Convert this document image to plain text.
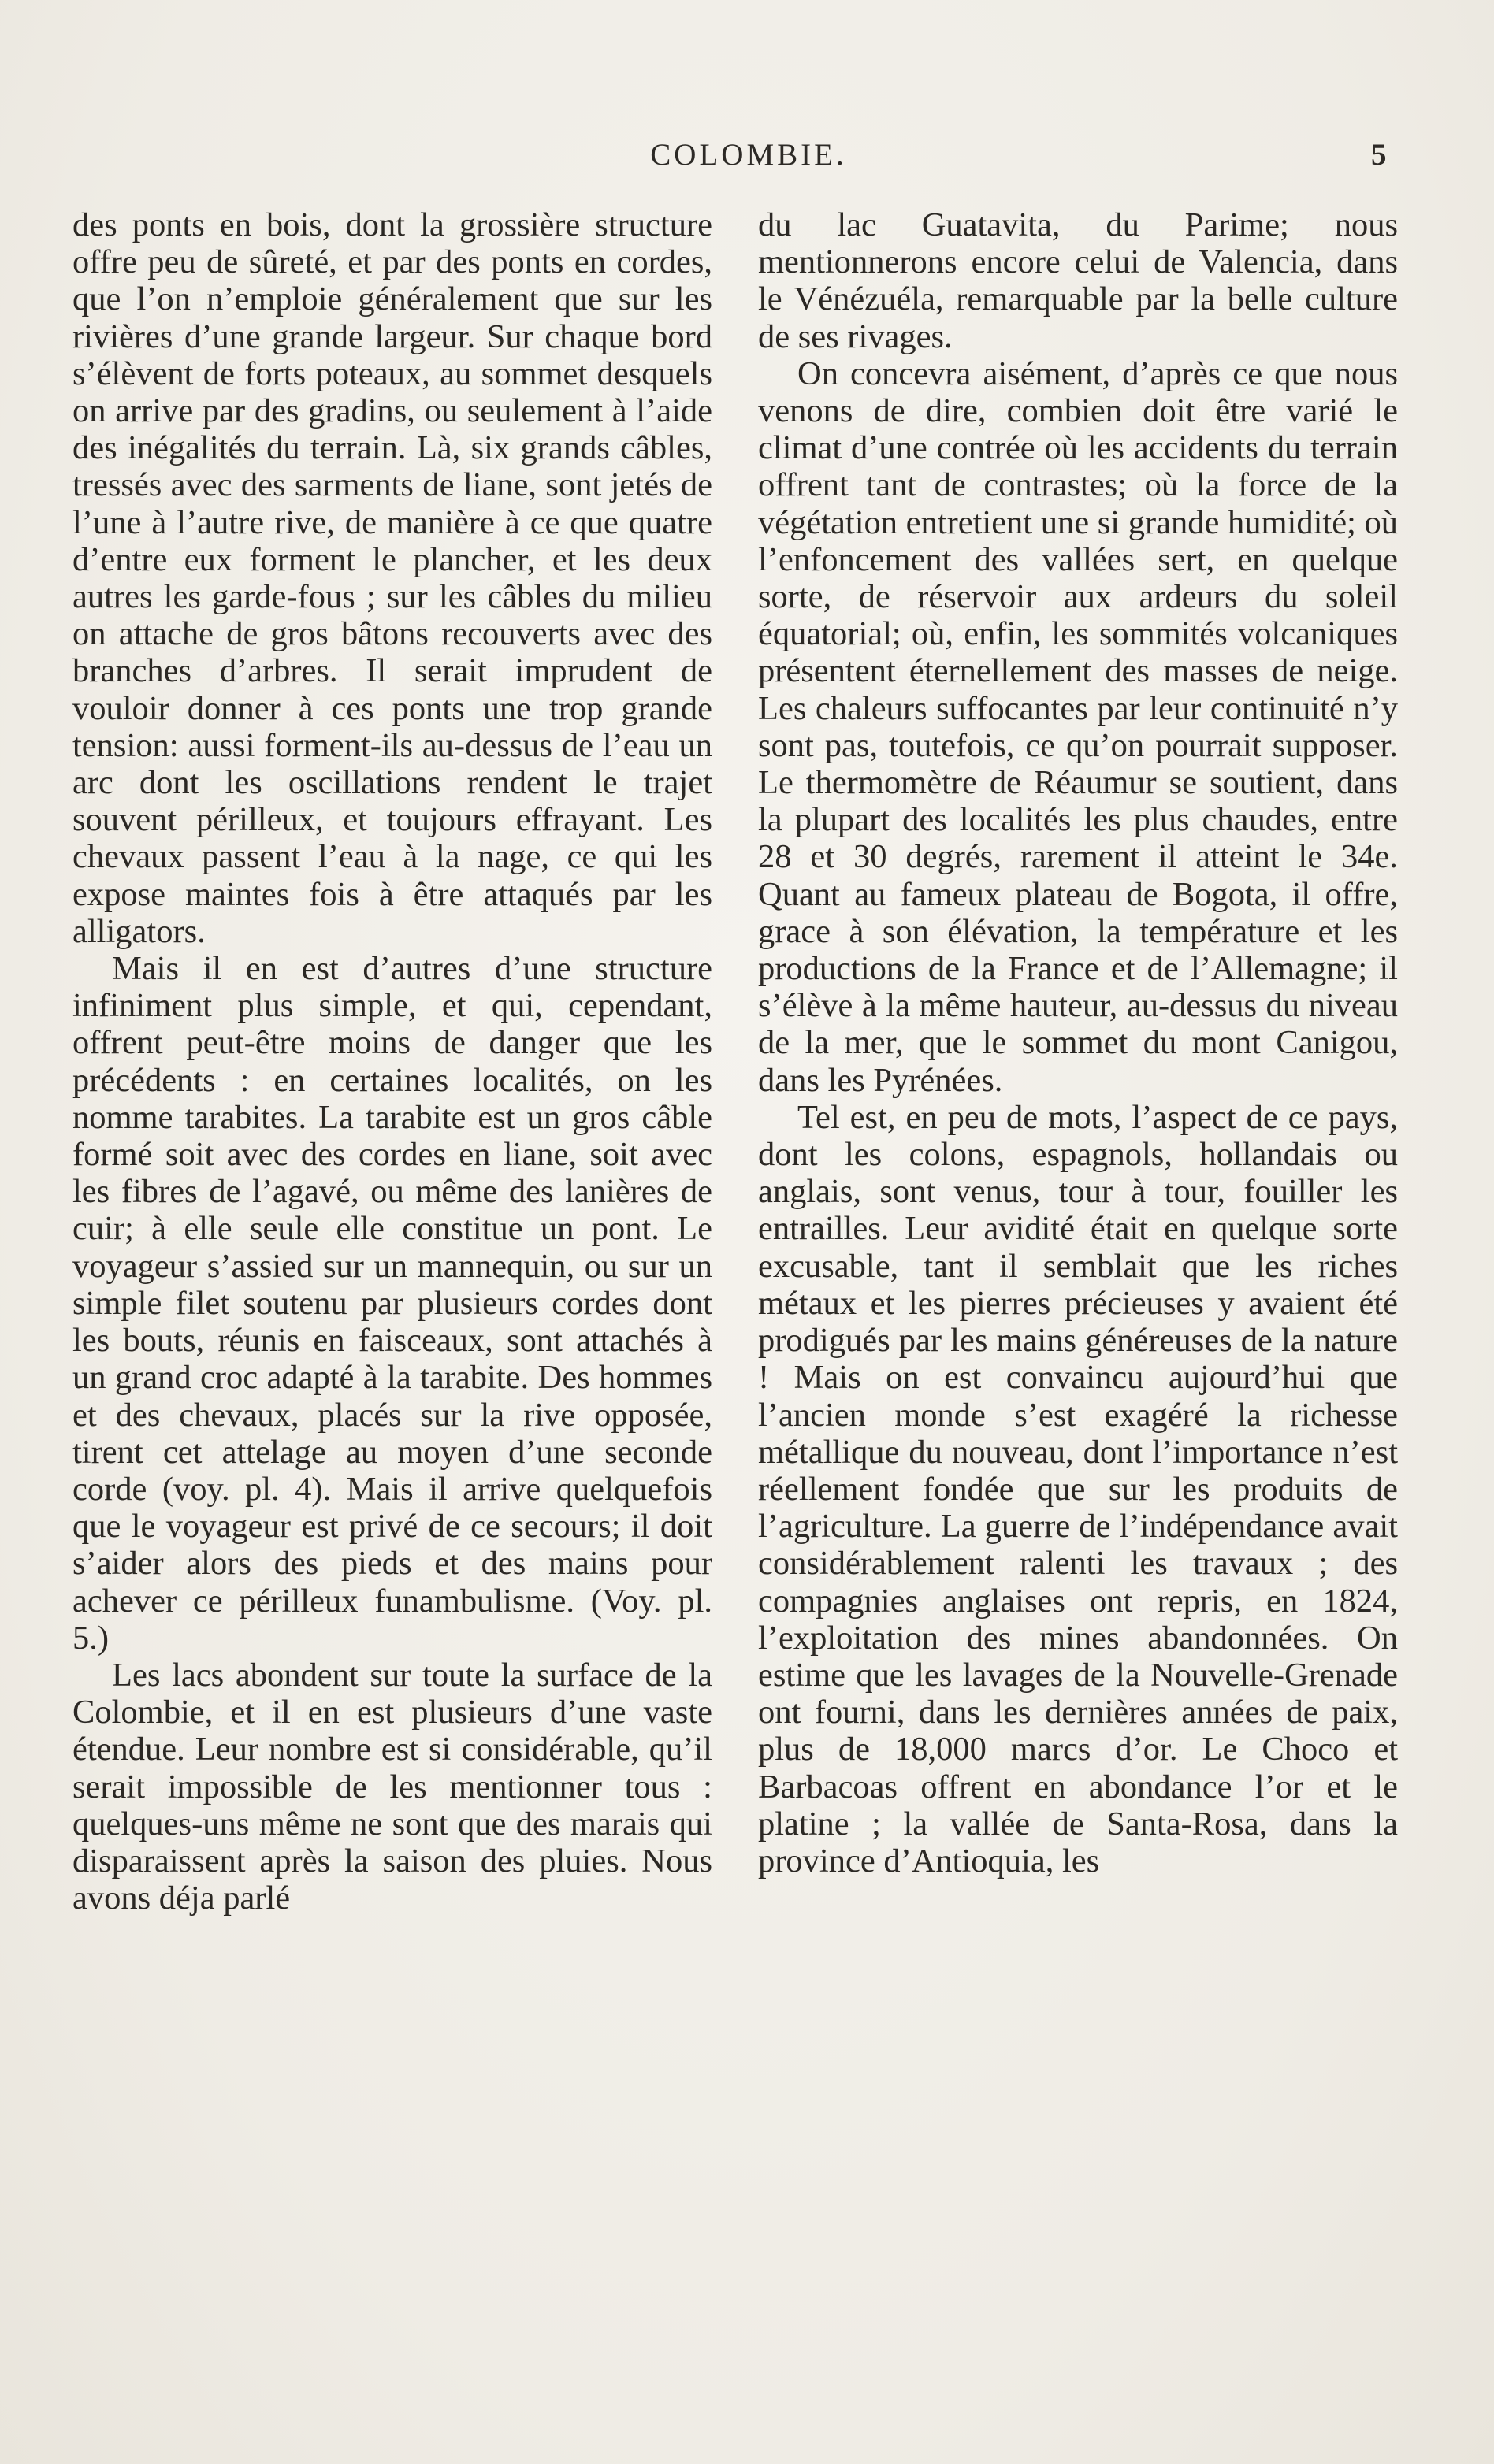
COLOMBIE.	5

des ponts en bois, dont la grossière structure offre peu de sûreté, et par des ponts en cordes, que l’on n’emploie généralement que sur les rivières d’une grande largeur. Sur chaque bord s’élèvent de forts poteaux, au sommet desquels on arrive par des gradins, ou seulement à l’aide des inégalités du terrain. Là, six grands câbles, tressés avec des sarments de liane, sont jetés de l’une à l’autre rive, de manière à ce que quatre d’entre eux forment le plancher, et les deux autres les garde-fous ; sur les câbles du milieu on attache de gros bâtons recouverts avec des branches d’arbres. Il serait imprudent de vouloir donner à ces ponts une trop grande tension: aussi forment-ils au-dessus de l’eau un arc dont les oscillations rendent le trajet souvent périlleux, et toujours effrayant. Les chevaux passent l’eau à la nage, ce qui les expose maintes fois à être attaqués par les alligators.

Mais il en est d’autres d’une structure infiniment plus simple, et qui, cependant, offrent peut-être moins de danger que les précédents : en certaines localités, on les nomme tarabites. La tarabite est un gros câble formé soit avec des cordes en liane, soit avec les fibres de l’agavé, ou même des lanières de cuir; à elle seule elle constitue un pont. Le voyageur s’assied sur un mannequin, ou sur un simple filet soutenu par plusieurs cordes dont les bouts, réunis en faisceaux, sont attachés à un grand croc adapté à la tarabite. Des hommes et des chevaux, placés sur la rive opposée, tirent cet attelage au moyen d’une seconde corde (voy. pl. 4). Mais il arrive quelquefois que le voyageur est privé de ce secours; il doit s’aider alors des pieds et des mains pour achever ce périlleux funambulisme. (Voy. pl. 5.)

Les lacs abondent sur toute la surface de la Colombie, et il en est plusieurs d’une vaste étendue. Leur nombre est si considérable, qu’il serait impossible de les mentionner tous : quelques-uns même ne sont que des marais qui disparaissent après la saison des pluies. Nous avons déja parlé

du lac Guatavita, du Parime; nous mentionnerons encore celui de Valencia, dans le Vénézuéla, remarquable par la belle culture de ses rivages.

On concevra aisément, d’après ce que nous venons de dire, combien doit être varié le climat d’une contrée où les accidents du terrain offrent tant de contrastes; où la force de la végétation entretient une si grande humidité; où l’enfoncement des vallées sert, en quelque sorte, de réservoir aux ardeurs du soleil équatorial; où, enfin, les sommités volcaniques présentent éternellement des masses de neige. Les chaleurs suffocantes par leur continuité n’y sont pas, toutefois, ce qu’on pourrait supposer. Le thermomètre de Réaumur se soutient, dans la plupart des localités les plus chaudes, entre 28 et 30 degrés, rarement il atteint le 34e. Quant au fameux plateau de Bogota, il offre, grace à son élévation, la température et les productions de la France et de l’Allemagne; il s’élève à la même hauteur, au-dessus du niveau de la mer, que le sommet du mont Canigou, dans les Pyrénées.

Tel est, en peu de mots, l’aspect de ce pays, dont les colons, espagnols, hollandais ou anglais, sont venus, tour à tour, fouiller les entrailles. Leur avidité était en quelque sorte excusable, tant il semblait que les riches métaux et les pierres précieuses y avaient été prodigués par les mains généreuses de la nature ! Mais on est convaincu aujourd’hui que l’ancien monde s’est exagéré la richesse métallique du nouveau, dont l’importance n’est réellement fondée que sur les produits de l’agriculture. La guerre de l’indépendance avait considérablement ralenti les travaux ; des compagnies anglaises ont repris, en 1824, l’exploitation des mines abandonnées. On estime que les lavages de la Nouvelle-Grenade ont fourni, dans les dernières années de paix, plus de 18,000 marcs d’or. Le Choco et Barbacoas offrent en abondance l’or et le platine ; la vallée de Santa-Rosa, dans la province d’Antioquia, les
